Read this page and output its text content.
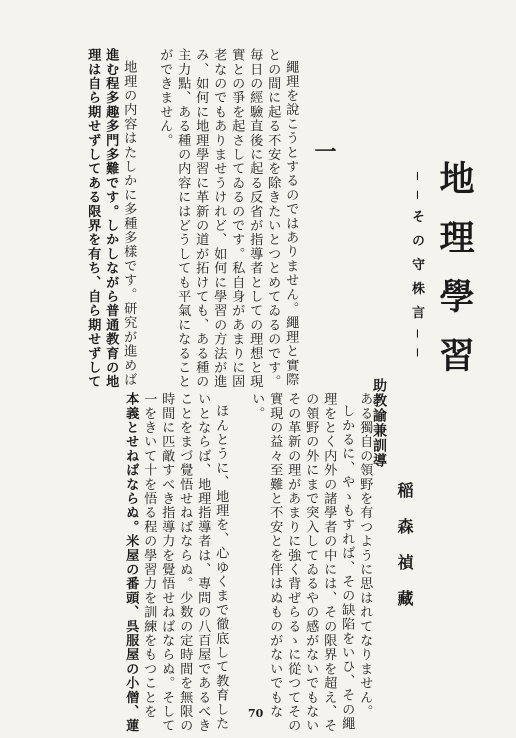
地理學習
──その守株言──
助教諭兼訓導
稲森禎藏
ある獨自の領野を有つように思はれてなりません。
しかるに、やゝもすれば、その缺陷をいひ、その繩
理をとく内外の諸學者の中には、その限界を超え、そ
の領野の外にまで突入してゐるやの感がないでもない
その革新の理があまりに強く背ぜらるゝに從つてその
實現の益々至難と不安とを伴はぬものがないでもな
い。
ほんとうに、地理を、心ゆくまで徹底して教育した
いとならば、地理指導者は、專問の八百屋であるべき
ことをまづ覺悟せねばならぬ。少数の定時間を無限の
時間に匹敵すべき指導力を覺悟せねばならぬ。そして
一をきいて十を悟る程の學習力を訓練をもつことを
本義とせねばならぬ。米屋の番頭、呉服屋の小僧、蓮
一
繩理を說こうとするのではありません。繩理と實際
との間に起る不安を除きたいとつとめてゐるのです。
毎日の經驗直後に起る反省が指導者としての理想と現
實との爭を起さしてゐるのです。私自身があまりに固
老なのでもありませうけれど、如何に學習の方法が進
み、如何に地理學習に革新の道が拓けても、ある種の
主力點、ある種の内容にはどうしても平氣になること
ができません。
地理の内容はたしかに多種多樣です。研究が進めば
進む程多趣多門多難です。しかしながら普通教育の地
理は自ら期せずしてある限界を有ち、自ら期せずして
70
